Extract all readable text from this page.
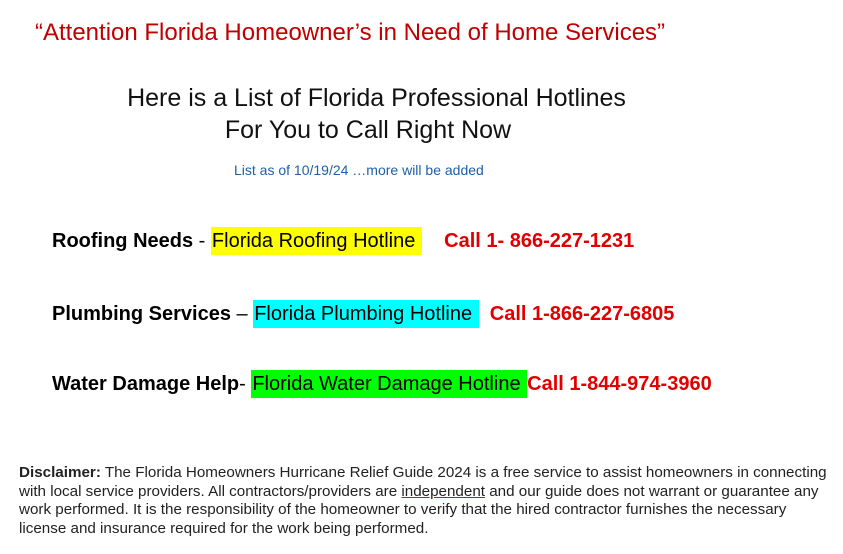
“Attention Florida Homeowner’s in Need of Home Services”
Here is a List of Florida Professional Hotlines
For You to Call Right Now
List as of 10/19/24 …more will be added
Roofing Needs - Florida Roofing Hotline     Call 1- 866-227-1231
Plumbing Services – Florida Plumbing Hotline   Call 1-866-227-6805
Water Damage Help- Florida Water Damage Hotline Call 1-844-974-3960
Disclaimer: The Florida Homeowners Hurricane Relief Guide 2024 is a free service to assist homeowners in connecting with local service providers. All contractors/providers are independent and our guide does not warrant or guarantee any work performed. It is the responsibility of the homeowner to verify that the hired contractor furnishes the necessary license and insurance required for the work being performed.
